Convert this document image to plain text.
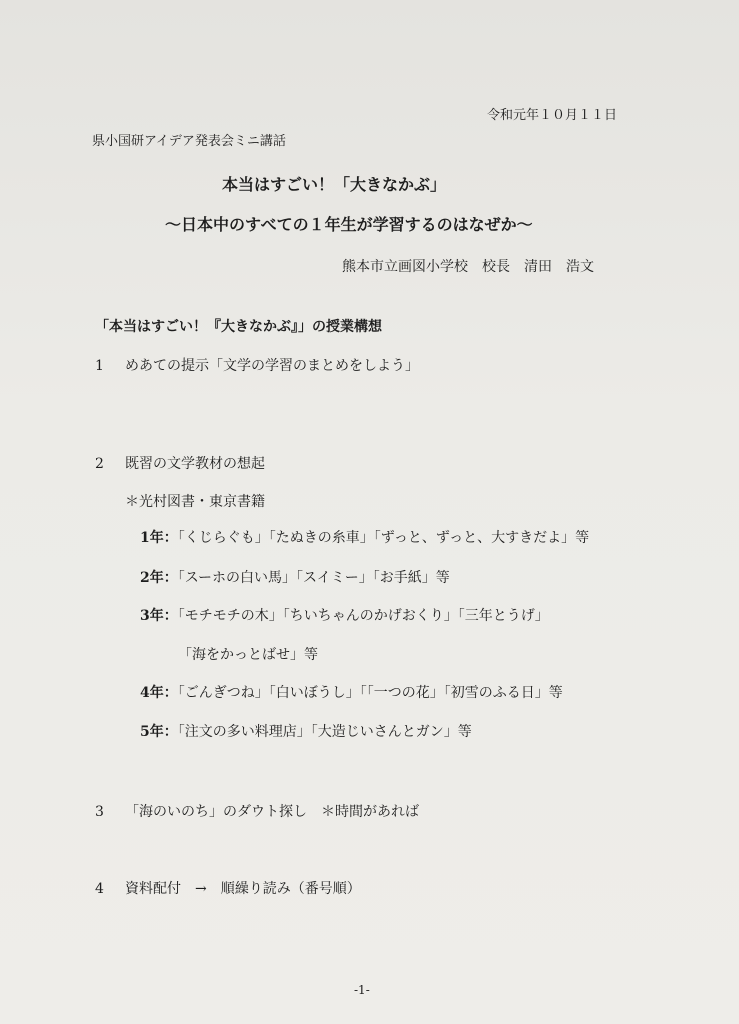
令和元年１０月１１日
県小国研アイデア発表会ミニ講話
本当はすごい！「大きなかぶ」
〜日本中のすべての１年生が学習するのはなぜか〜
熊本市立画図小学校　校長　清田　浩文
「本当はすごい！『大きなかぶ』」の授業構想
1 めあての提示「文学の学習のまとめをしよう」
2 既習の文学教材の想起
＊光村図書・東京書籍
1年：「くじらぐも」「たぬきの糸車」「ずっと、ずっと、大すきだよ」等
2年：「スーホの白い馬」「スイミー」「お手紙」等
3年：「モチモチの木」「ちいちゃんのかげおくり」「三年とうげ」
「海をかっとばせ」等
4年：「ごんぎつね」「白いぼうし」「「一つの花」「初雪のふる日」等
5年：「注文の多い料理店」「大造じいさんとガン」等
3 「海のいのち」のダウト探し　＊時間があれば
4 資料配付　→　順繰り読み（番号順）
-1-
